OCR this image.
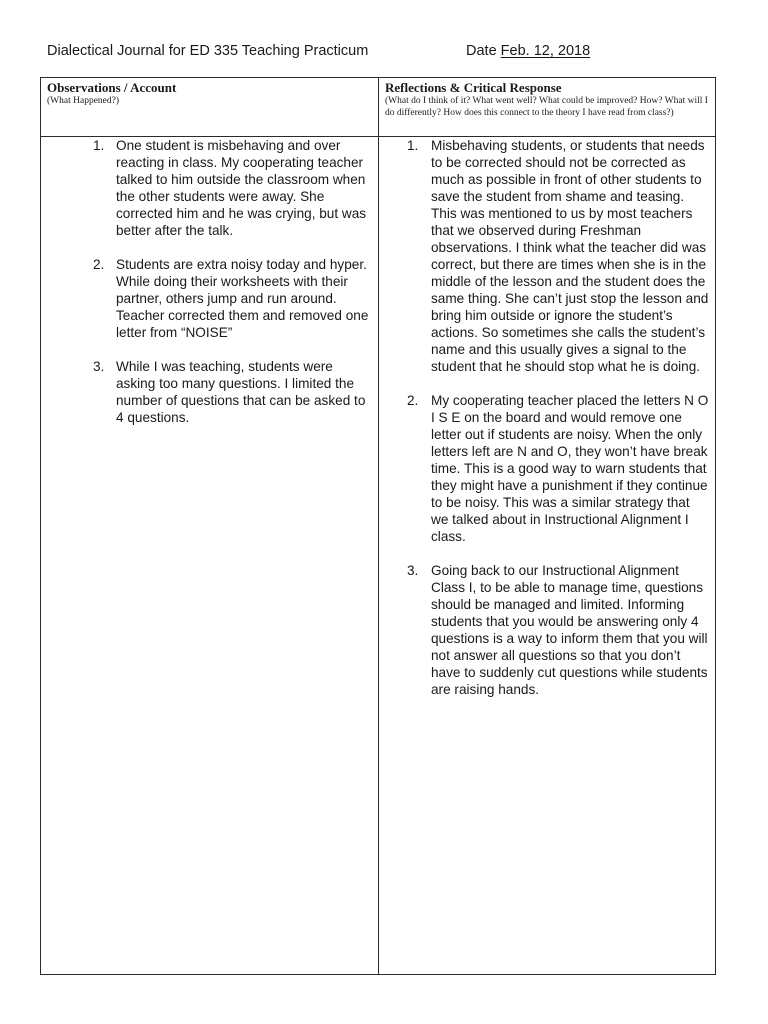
Dialectical Journal for ED 335 Teaching Practicum	Date Feb. 12, 2018
Observations / Account
(What Happened?)
Reflections & Critical Response
(What do I think of it? What went well? What could be improved? How? What will I do differently? How does this connect to the theory I have read from class?)
1. One student is misbehaving and over reacting in class. My cooperating teacher talked to him outside the classroom when the other students were away. She corrected him and he was crying, but was better after the talk.
2. Students are extra noisy today and hyper. While doing their worksheets with their partner, others jump and run around. Teacher corrected them and removed one letter from “NOISE”
3. While I was teaching, students were asking too many questions. I limited the number of questions that can be asked to 4 questions.
1. Misbehaving students, or students that needs to be corrected should not be corrected as much as possible in front of other students to save the student from shame and teasing. This was mentioned to us by most teachers that we observed during Freshman observations. I think what the teacher did was correct, but there are times when she is in the middle of the lesson and the student does the same thing. She can’t just stop the lesson and bring him outside or ignore the student’s actions. So sometimes she calls the student’s name and this usually gives a signal to the student that he should stop what he is doing.
2. My cooperating teacher placed the letters N O I S E on the board and would remove one letter out if students are noisy. When the only letters left are N and O, they won’t have break time. This is a good way to warn students that they might have a punishment if they continue to be noisy. This was a similar strategy that we talked about in Instructional Alignment I class.
3. Going back to our Instructional Alignment Class I, to be able to manage time, questions should be managed and limited. Informing students that you would be answering only 4 questions is a way to inform them that you will not answer all questions so that you don’t have to suddenly cut questions while students are raising hands.
